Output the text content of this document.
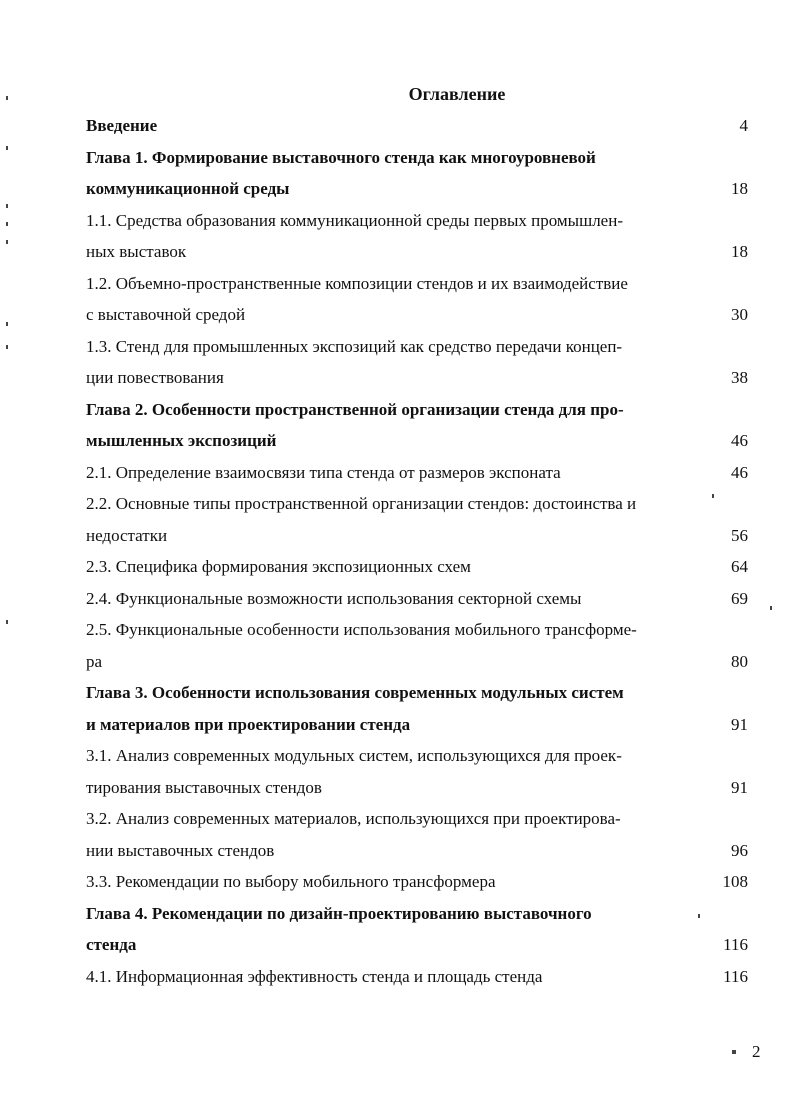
Оглавление
Введение	4
Глава 1. Формирование выставочного стенда как многоуровневой
коммуникационной среды	18
1.1. Средства образования коммуникационной среды первых промышлен-
ных выставок	18
1.2. Объемно-пространственные композиции стендов и их взаимодействие
с выставочной средой	30
1.3. Стенд для промышленных экспозиций как средство передачи концеп-
ции повествования	38
Глава 2. Особенности пространственной организации стенда для про-
мышленных экспозиций	46
2.1. Определение взаимосвязи типа стенда от размеров экспоната	46
2.2. Основные типы пространственной организации стендов: достоинства и
недостатки	56
2.3. Специфика формирования экспозиционных схем	64
2.4. Функциональные возможности использования секторной схемы	69
2.5. Функциональные особенности использования мобильного трансформе-
ра	80
Глава 3. Особенности использования современных модульных систем
и материалов при проектировании стенда	91
3.1. Анализ современных модульных систем, использующихся для проек-
тирования выставочных стендов	91
3.2. Анализ современных материалов, использующихся при проектирова-
нии выставочных стендов	96
3.3. Рекомендации по выбору мобильного трансформера	108
Глава 4. Рекомендации по дизайн-проектированию выставочного
стенда	116
4.1. Информационная эффективность стенда и площадь стенда	116
2
